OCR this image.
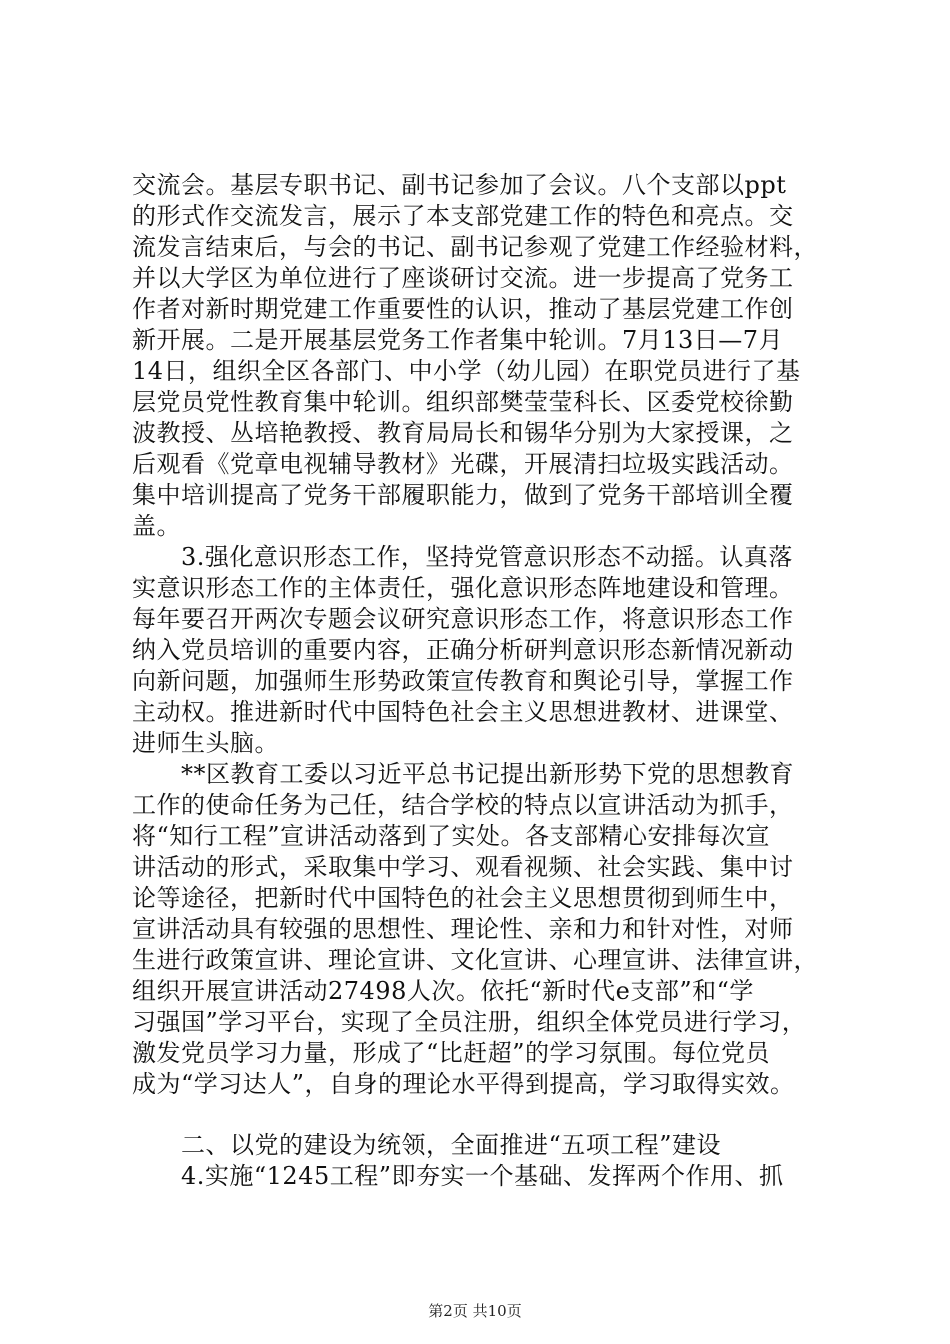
交流会。基层专职书记、副书记参加了会议。八个支部以ppt
的形式作交流发言，展示了本支部党建工作的特色和亮点。交
流发言结束后，与会的书记、副书记参观了党建工作经验材料，
并以大学区为单位进行了座谈研讨交流。进一步提高了党务工
作者对新时期党建工作重要性的认识，推动了基层党建工作创
新开展。二是开展基层党务工作者集中轮训。7月13日—7月
14日，组织全区各部门、中小学（幼儿园）在职党员进行了基
层党员党性教育集中轮训。组织部樊莹莹科长、区委党校徐勤
波教授、丛培艳教授、教育局局长和锡华分别为大家授课，之
后观看《党章电视辅导教材》光碟，开展清扫垃圾实践活动。
集中培训提高了党务干部履职能力，做到了党务干部培训全覆
盖。
　　3.强化意识形态工作，坚持党管意识形态不动摇。认真落
实意识形态工作的主体责任，强化意识形态阵地建设和管理。
每年要召开两次专题会议研究意识形态工作，将意识形态工作
纳入党员培训的重要内容，正确分析研判意识形态新情况新动
向新问题，加强师生形势政策宣传教育和舆论引导，掌握工作
主动权。推进新时代中国特色社会主义思想进教材、进课堂、
进师生头脑。
　　**区教育工委以习近平总书记提出新形势下党的思想教育
工作的使命任务为己任，结合学校的特点以宣讲活动为抓手，
将“知行工程”宣讲活动落到了实处。各支部精心安排每次宣
讲活动的形式，采取集中学习、观看视频、社会实践、集中讨
论等途径，把新时代中国特色的社会主义思想贯彻到师生中，
宣讲活动具有较强的思想性、理论性、亲和力和针对性，对师
生进行政策宣讲、理论宣讲、文化宣讲、心理宣讲、法律宣讲，
组织开展宣讲活动27498人次。依托“新时代e支部”和“学
习强国”学习平台，实现了全员注册，组织全体党员进行学习，
激发党员学习力量，形成了“比赶超”的学习氛围。每位党员
成为“学习达人”，自身的理论水平得到提高，学习取得实效。
　　二、以党的建设为统领，全面推进“五项工程”建设
　　4.实施“1245工程”即夯实一个基础、发挥两个作用、抓
第2页 共10页
